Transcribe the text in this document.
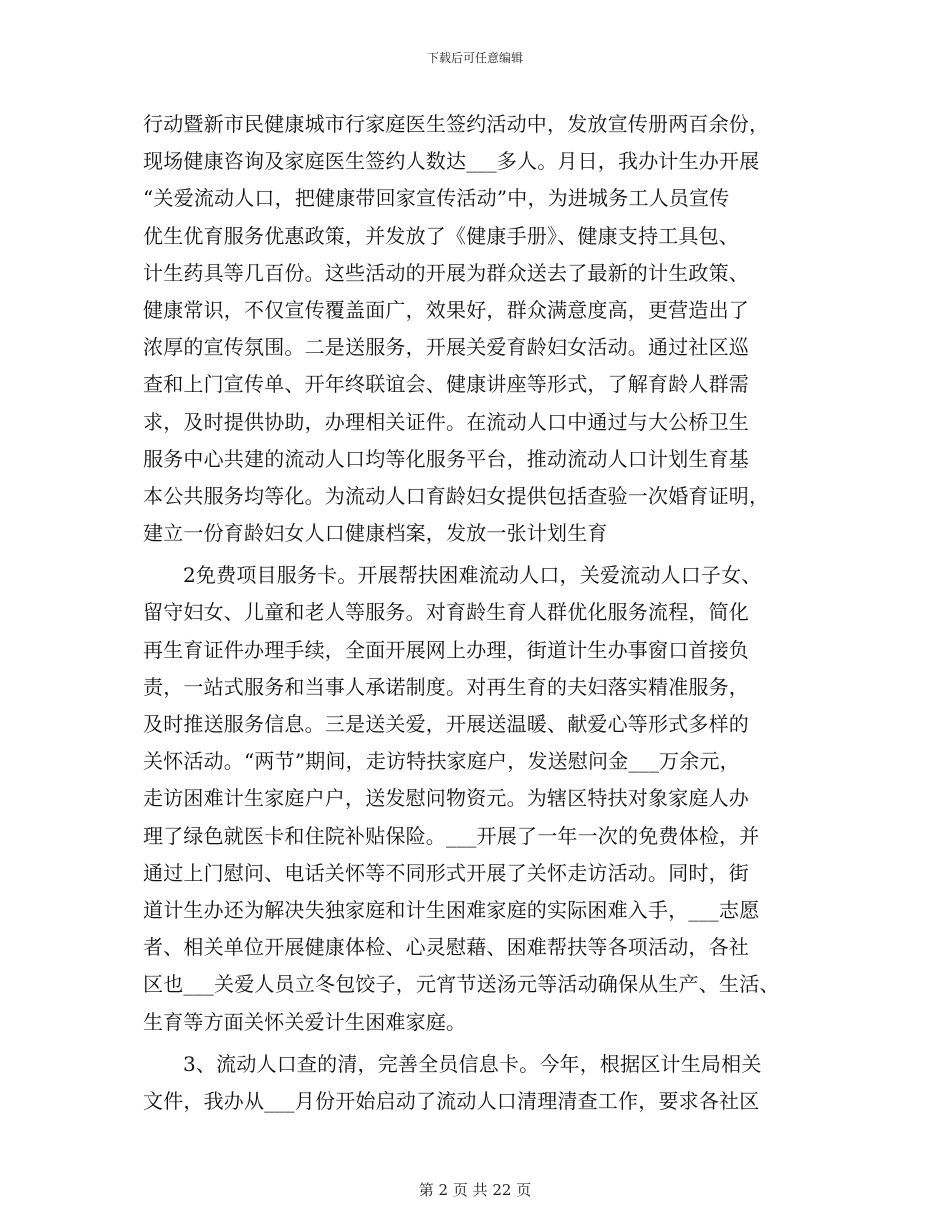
下载后可任意编辑
行动暨新市民健康城市行家庭医生签约活动中，发放宣传册两百余份，
现场健康咨询及家庭医生签约人数达___多人。月日，我办计生办开展
“关爱流动人口，把健康带回家宣传活动”中，为进城务工人员宣传
优生优育服务优惠政策，并发放了《健康手册》、健康支持工具包、
计生药具等几百份。这些活动的开展为群众送去了最新的计生政策、
健康常识，不仅宣传覆盖面广，效果好，群众满意度高，更营造出了
浓厚的宣传氛围。二是送服务，开展关爱育龄妇女活动。通过社区巡
查和上门宣传单、开年终联谊会、健康讲座等形式，了解育龄人群需
求，及时提供协助，办理相关证件。在流动人口中通过与大公桥卫生
服务中心共建的流动人口均等化服务平台，推动流动人口计划生育基
本公共服务均等化。为流动人口育龄妇女提供包括查验一次婚育证明，
建立一份育龄妇女人口健康档案，发放一张计划生育
2免费项目服务卡。开展帮扶困难流动人口，关爱流动人口子女、
留守妇女、儿童和老人等服务。对育龄生育人群优化服务流程，简化
再生育证件办理手续，全面开展网上办理，街道计生办事窗口首接负
责，一站式服务和当事人承诺制度。对再生育的夫妇落实精准服务，
及时推送服务信息。三是送关爱，开展送温暖、献爱心等形式多样的
关怀活动。“两节”期间，走访特扶家庭户，发送慰问金___万余元，
走访困难计生家庭户户，送发慰问物资元。为辖区特扶对象家庭人办
理了绿色就医卡和住院补贴保险。___开展了一年一次的免费体检，并
通过上门慰问、电话关怀等不同形式开展了关怀走访活动。同时，街
道计生办还为解决失独家庭和计生困难家庭的实际困难入手，___志愿
者、相关单位开展健康体检、心灵慰藉、困难帮扶等各项活动，各社
区也___关爱人员立冬包饺子，元宵节送汤元等活动确保从生产、生活、
生育等方面关怀关爱计生困难家庭。
3、流动人口查的清，完善全员信息卡。今年，根据区计生局相关
文件，我办从___月份开始启动了流动人口清理清查工作，要求各社区
第 2 页 共 22 页
